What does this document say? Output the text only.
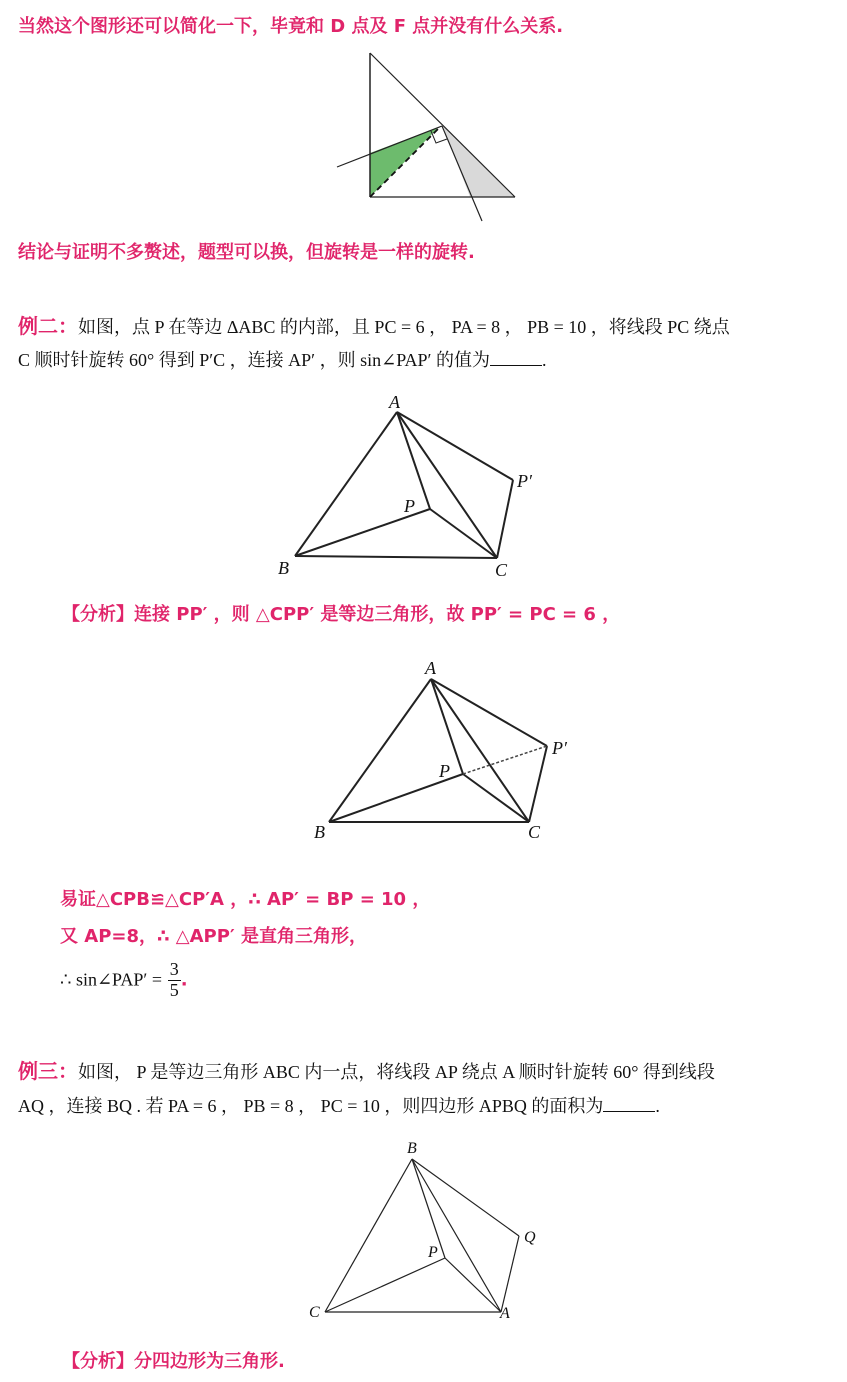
当然这个图形还可以简化一下，毕竟和 D 点及 F 点并没有什么关系.
结论与证明不多赘述，题型可以换，但旋转是一样的旋转.
例二：如图，点 P 在等边 ΔABC 的内部，且 PC = 6 ， PA = 8 ， PB = 10 ，将线段 PC 绕点
C 顺时针旋转 60° 得到 P′C ，连接 AP′ ，则 sin∠PAP′ 的值为	.
A
B	C
P
P′
【分析】连接 PP′ ，则 △CPP′ 是等边三角形，故 PP′ = PC = 6 ，
A
B	C
P
P′
易证△CPB≌△CP′A ，∴ AP′ = BP = 10 ，
又 AP=8，∴ △APP′ 是直角三角形，
∴ sin∠PAP′ = $\frac{3}{5}$ .
例三：如图， P 是等边三角形 ABC 内一点，将线段 AP 绕点 A 顺时针旋转 60° 得到线段
AQ ，连接 BQ . 若 PA = 6 ， PB = 8 ， PC = 10 ，则四边形 APBQ 的面积为	.
B
C	A
P
Q
【分析】分四边形为三角形.
